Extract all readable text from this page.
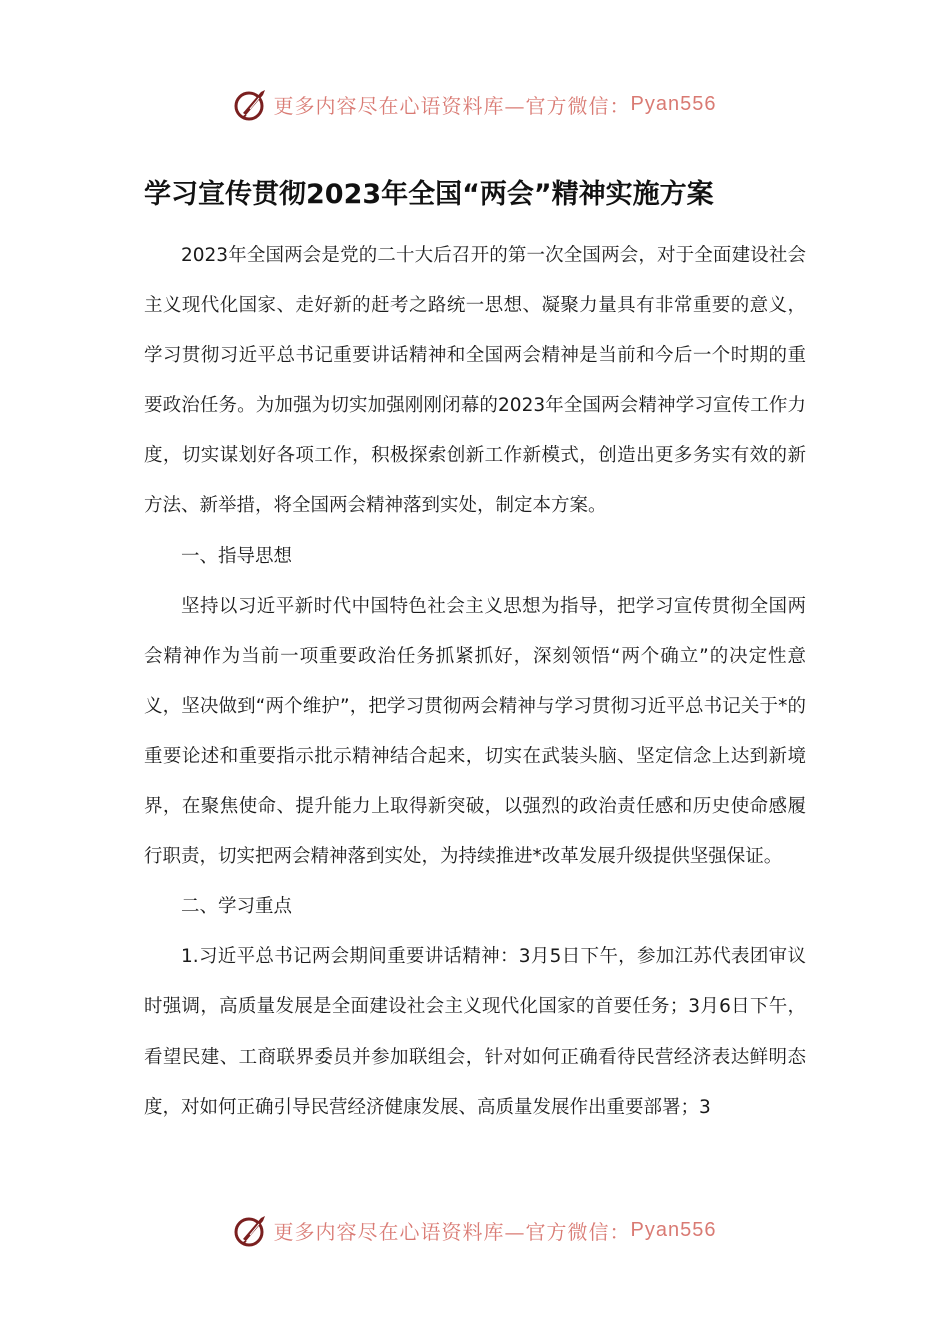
更多内容尽在心语资料库—官方微信： Pyan556
学习宣传贯彻2023年全国“两会”精神实施方案

2023年全国两会是党的二十大后召开的第一次全国两会，对于全面建设社会主义现代化国家、走好新的赶考之路统一思想、凝聚力量具有非常重要的意义，学习贯彻习近平总书记重要讲话精神和全国两会精神是当前和今后一个时期的重要政治任务。为加强为切实加强刚刚闭幕的2023年全国两会精神学习宣传工作力度，切实谋划好各项工作，积极探索创新工作新模式，创造出更多务实有效的新方法、新举措，将全国两会精神落到实处，制定本方案。

一、指导思想

坚持以习近平新时代中国特色社会主义思想为指导，把学习宣传贯彻全国两会精神作为当前一项重要政治任务抓紧抓好，深刻领悟“两个确立”的决定性意义，坚决做到“两个维护”，把学习贯彻两会精神与学习贯彻习近平总书记关于*的重要论述和重要指示批示精神结合起来，切实在武装头脑、坚定信念上达到新境界，在聚焦使命、提升能力上取得新突破，以强烈的政治责任感和历史使命感履行职责，切实把两会精神落到实处，为持续推进*改革发展升级提供坚强保证。

二、学习重点

1.习近平总书记两会期间重要讲话精神：3月5日下午，参加江苏代表团审议时强调，高质量发展是全面建设社会主义现代化国家的首要任务；3月6日下午，看望民建、工商联界委员并参加联组会，针对如何正确看待民营经济表达鲜明态度，对如何正确引导民营经济健康发展、高质量发展作出重要部署；3

更多内容尽在心语资料库—官方微信： Pyan556
